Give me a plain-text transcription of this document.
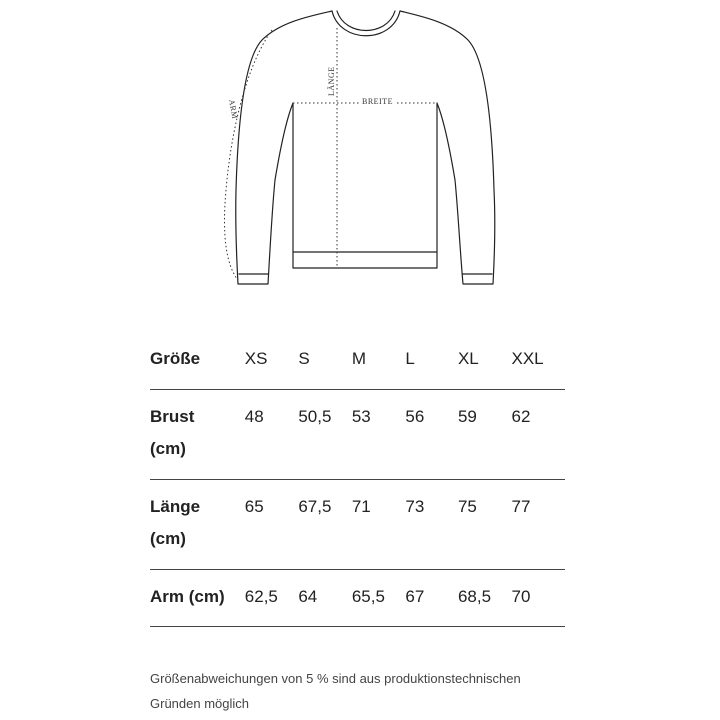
LÄNGE
BREITE
ARM
Größe	XS	S	M	L	XL	XXL
Brust
(cm)	48	50,5	53	56	59	62
Länge
(cm)	65	67,5	71	73	75	77
Arm (cm)	62,5	64	65,5	67	68,5	70
Größenabweichungen von 5 % sind aus produktionstechnischen
Gründen möglich
